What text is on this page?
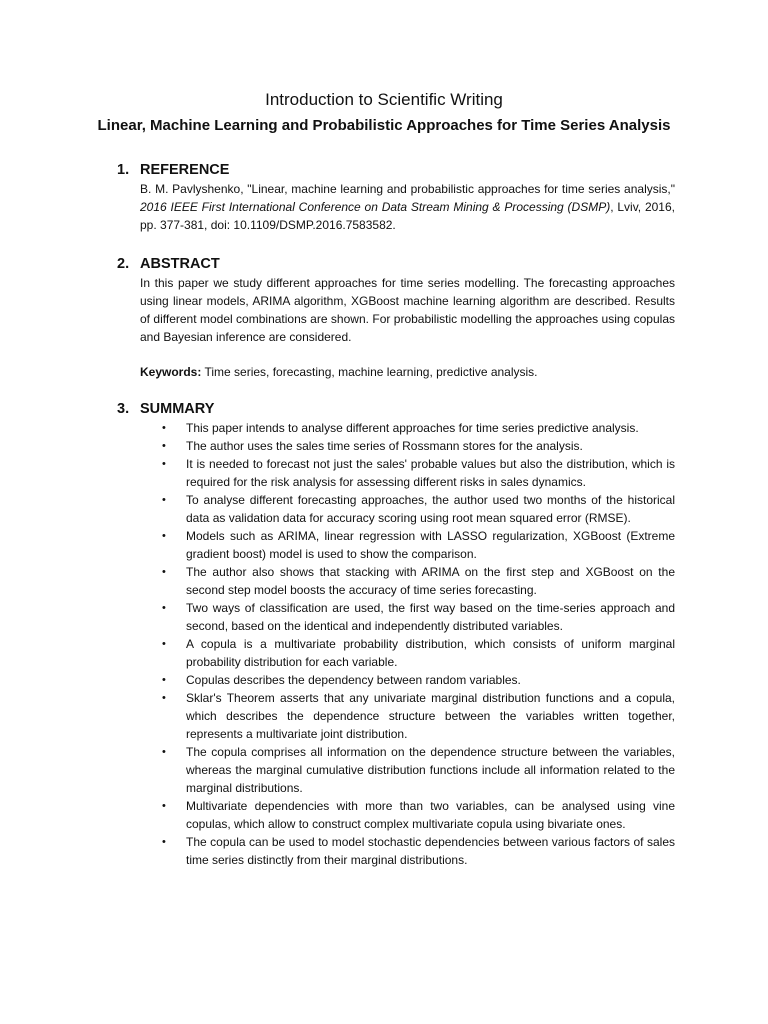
Introduction to Scientific Writing
Linear, Machine Learning and Probabilistic Approaches for Time Series Analysis
1. REFERENCE

B. M. Pavlyshenko, "Linear, machine learning and probabilistic approaches for time series analysis," 2016 IEEE First International Conference on Data Stream Mining & Processing (DSMP), Lviv, 2016, pp. 377-381, doi: 10.1109/DSMP.2016.7583582.

2. ABSTRACT

In this paper we study different approaches for time series modelling. The forecasting approaches using linear models, ARIMA algorithm, XGBoost machine learning algorithm are described. Results of different model combinations are shown. For probabilistic modelling the approaches using copulas and Bayesian inference are considered.

Keywords: Time series, forecasting, machine learning, predictive analysis.

3. SUMMARY
• This paper intends to analyse different approaches for time series predictive analysis.
• The author uses the sales time series of Rossmann stores for the analysis.
• It is needed to forecast not just the sales' probable values but also the distribution, which is required for the risk analysis for assessing different risks in sales dynamics.
• To analyse different forecasting approaches, the author used two months of the historical data as validation data for accuracy scoring using root mean squared error (RMSE).
• Models such as ARIMA, linear regression with LASSO regularization, XGBoost (Extreme gradient boost) model is used to show the comparison.
• The author also shows that stacking with ARIMA on the first step and XGBoost on the second step model boosts the accuracy of time series forecasting.
• Two ways of classification are used, the first way based on the time-series approach and second, based on the identical and independently distributed variables.
• A copula is a multivariate probability distribution, which consists of uniform marginal probability distribution for each variable.
• Copulas describes the dependency between random variables.
• Sklar's Theorem asserts that any univariate marginal distribution functions and a copula, which describes the dependence structure between the variables written together, represents a multivariate joint distribution.
• The copula comprises all information on the dependence structure between the variables, whereas the marginal cumulative distribution functions include all information related to the marginal distributions.
• Multivariate dependencies with more than two variables, can be analysed using vine copulas, which allow to construct complex multivariate copula using bivariate ones.
• The copula can be used to model stochastic dependencies between various factors of sales time series distinctly from their marginal distributions.
